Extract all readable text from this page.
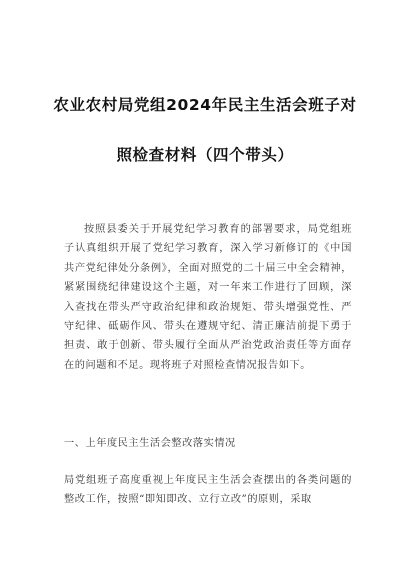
农业农村局党组2024年民主生活会班子对
照检查材料（四个带头）
按照县委关于开展党纪学习教育的部署要求，局党组班子认真组织开展了党纪学习教育，深入学习新修订的《中国共产党纪律处分条例》，全面对照党的二十届三中全会精神，紧紧围绕纪律建设这个主题，对一年来工作进行了回顾，深入查找在带头严守政治纪律和政治规矩、带头增强党性、严守纪律、砥砺作风、带头在遵规守纪、清正廉洁前提下勇于担责、敢于创新、带头履行全面从严治党政治责任等方面存在的问题和不足。现将班子对照检查情况报告如下。
一、上年度民主生活会整改落实情况
局党组班子高度重视上年度民主生活会查摆出的各类问题的整改工作，按照“即知即改、立行立改”的原则，采取
